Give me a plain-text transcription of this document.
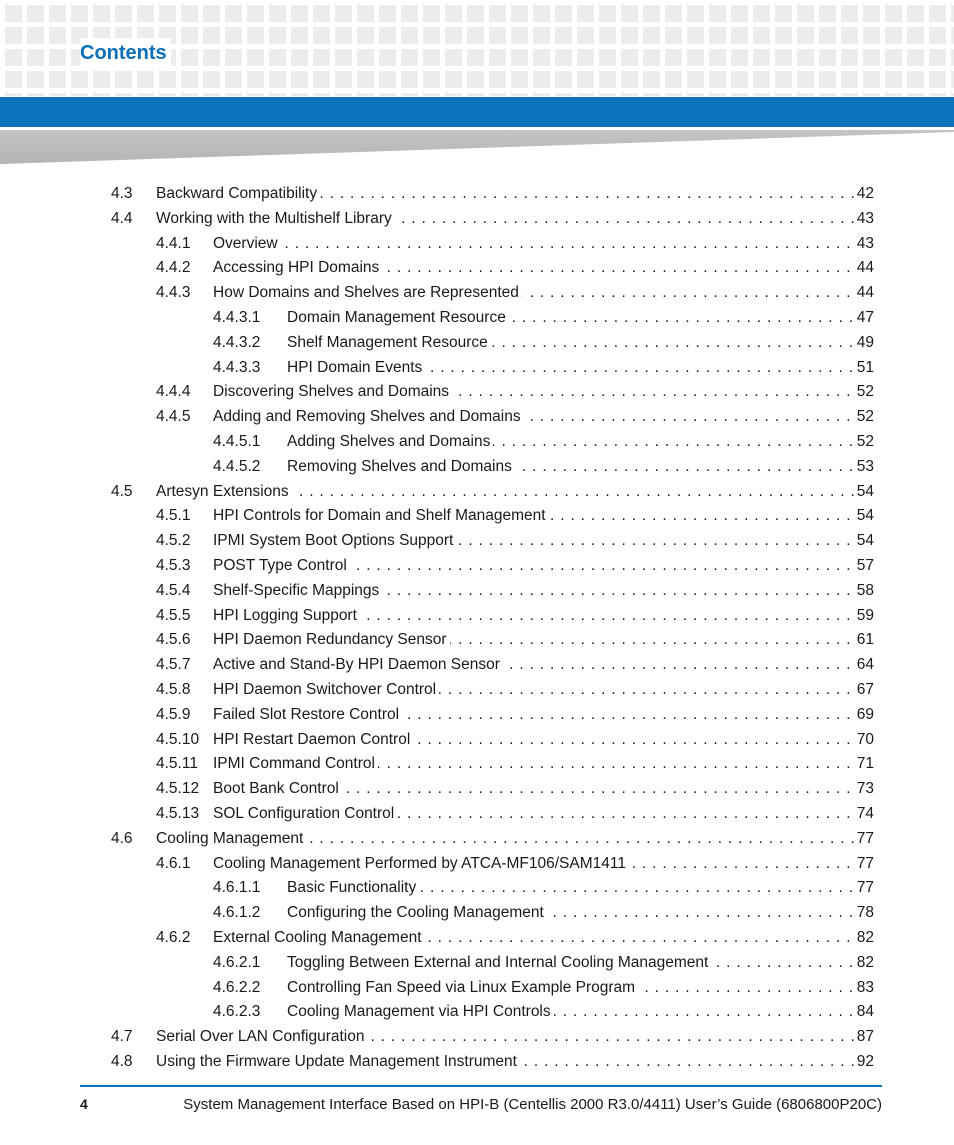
Contents
4.3 Backward Compatibility . . .	42
4.4 Working with the Multishelf Library . . .	43
4.4.1 Overview . . .	43
4.4.2 Accessing HPI Domains . . .	44
4.4.3 How Domains and Shelves are Represented . . .	44
4.4.3.1 Domain Management Resource . . .	47
4.4.3.2 Shelf Management Resource . . .	49
4.4.3.3 HPI Domain Events . . .	51
4.4.4 Discovering Shelves and Domains . . .	52
4.4.5 Adding and Removing Shelves and Domains . . .	52
4.4.5.1 Adding Shelves and Domains . . .	52
4.4.5.2 Removing Shelves and Domains . . .	53
4.5 Artesyn Extensions . . .	54
4.5.1 HPI Controls for Domain and Shelf Management . . .	54
4.5.2 IPMI System Boot Options Support . . .	54
4.5.3 POST Type Control . . .	57
4.5.4 Shelf-Specific Mappings . . .	58
4.5.5 HPI Logging Support . . .	59
4.5.6 HPI Daemon Redundancy Sensor . . .	61
4.5.7 Active and Stand-By HPI Daemon Sensor . . .	64
4.5.8 HPI Daemon Switchover Control . . .	67
4.5.9 Failed Slot Restore Control . . .	69
4.5.10 HPI Restart Daemon Control . . .	70
4.5.11 IPMI Command Control . . .	71
4.5.12 Boot Bank Control . . .	73
4.5.13 SOL Configuration Control . . .	74
4.6 Cooling Management . . .	77
4.6.1 Cooling Management Performed by ATCA-MF106/SAM1411 . . .	77
4.6.1.1 Basic Functionality . . .	77
4.6.1.2 Configuring the Cooling Management . . .	78
4.6.2 External Cooling Management . . .	82
4.6.2.1 Toggling Between External and Internal Cooling Management . . .	82
4.6.2.2 Controlling Fan Speed via Linux Example Program . . .	83
4.6.2.3 Cooling Management via HPI Controls . . .	84
4.7 Serial Over LAN Configuration . . .	87
4.8 Using the Firmware Update Management Instrument . . .	92
4	System Management Interface Based on HPI-B (Centellis 2000 R3.0/4411) User’s Guide (6806800P20C)
